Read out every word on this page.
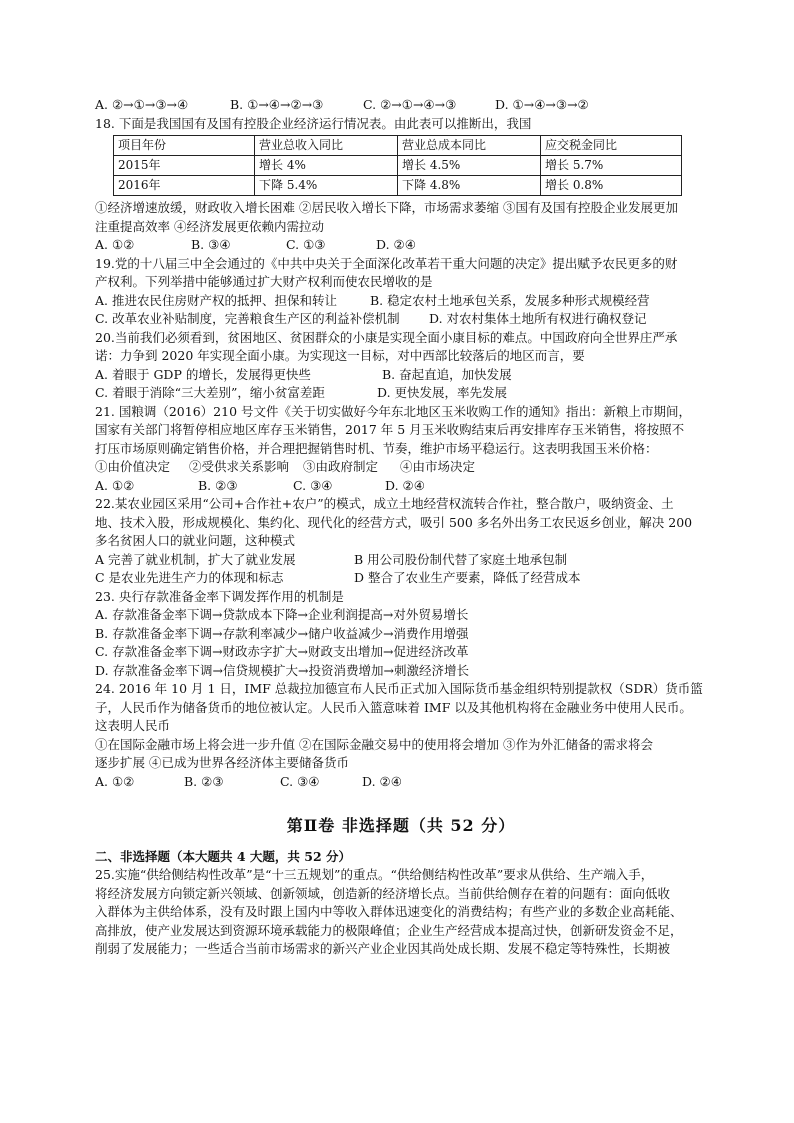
A. ②→①→③→④	B. ①→④→②→③	C. ②→①→④→③	D. ①→④→③→②
18. 下面是我国国有及国有控股企业经济运行情况表。由此表可以推断出，我国
项目年份	营业总收入同比	营业总成本同比	应交税金同比
2015年	增长 4%	增长 4.5%	增长 5.7%
2016年	下降 5.4%	下降 4.8%	增长 0.8%
①经济增速放缓，财政收入增长困难 ②居民收入增长下降，市场需求萎缩 ③国有及国有控股企业发展更加
注重提高效率 ④经济发展更依赖内需拉动
A. ①②	B. ③④	C. ①③	D. ②④
19.党的十八届三中全会通过的《中共中央关于全面深化改革若干重大问题的决定》提出赋予农民更多的财
产权利。下列举措中能够通过扩大财产权利而使农民增收的是
A. 推进农民住房财产权的抵押、担保和转让	B. 稳定农村土地承包关系，发展多种形式规模经营
C. 改革农业补贴制度，完善粮食生产区的利益补偿机制	D. 对农村集体土地所有权进行确权登记
20.当前我们必须看到，贫困地区、贫困群众的小康是实现全面小康目标的难点。中国政府向全世界庄严承
诺：力争到 2020 年实现全面小康。为实现这一目标，对中西部比较落后的地区而言，要
A. 着眼于 GDP 的增长，发展得更快些	B. 奋起直追，加快发展
C. 着眼于消除“三大差别”，缩小贫富差距	D. 更快发展，率先发展
21. 国粮调（2016）210 号文件《关于切实做好今年东北地区玉米收购工作的通知》指出：新粮上市期间，
国家有关部门将暂停相应地区库存玉米销售，2017 年 5 月玉米收购结束后再安排库存玉米销售，将按照不
打压市场原则确定销售价格，并合理把握销售时机、节奏，维护市场平稳运行。这表明我国玉米价格：
①由价值决定	②受供求关系影响	③由政府制定	④由市场决定
A. ①②	B. ②③	C. ③④	D. ②④
22.某农业园区采用“公司+合作社+农户”的模式，成立土地经营权流转合作社，整合散户，吸纳资金、土
地、技术入股，形成规模化、集约化、现代化的经营方式，吸引 500 多名外出务工农民返乡创业，解决 200
多名贫困人口的就业问题，这种模式
A 完善了就业机制，扩大了就业发展	B 用公司股份制代替了家庭土地承包制
C 是农业先进生产力的体现和标志	D 整合了农业生产要素，降低了经营成本
23. 央行存款准备金率下调发挥作用的机制是
A. 存款准备金率下调→贷款成本下降→企业利润提高→对外贸易增长
B. 存款准备金率下调→存款利率减少→储户收益减少→消费作用增强
C. 存款准备金率下调→财政赤字扩大→财政支出增加→促进经济改革
D. 存款准备金率下调→信贷规模扩大→投资消费增加→刺激经济增长
24. 2016 年 10 月 1 日，IMF 总裁拉加德宣布人民币正式加入国际货币基金组织特别提款权（SDR）货币篮
子，人民币作为储备货币的地位被认定。人民币入篮意味着 IMF 以及其他机构将在金融业务中使用人民币。
这表明人民币
①在国际金融市场上将会进一步升值 ②在国际金融交易中的使用将会增加 ③作为外汇储备的需求将会
逐步扩展 ④已成为世界各经济体主要储备货币
A. ①②	B. ②③	C. ③④	D. ②④
第Ⅱ卷 非选择题（共 52 分）
二、非选择题（本大题共 4 大题，共 52 分）
25.实施“供给侧结构性改革”是“十三五规划”的重点。“供给侧结构性改革”要求从供给、生产端入手，
将经济发展方向锁定新兴领域、创新领域，创造新的经济增长点。当前供给侧存在着的问题有：面向低收
入群体为主供给体系，没有及时跟上国内中等收入群体迅速变化的消费结构；有些产业的多数企业高耗能、
高排放，使产业发展达到资源环境承载能力的极限峰值；企业生产经营成本提高过快，创新研发资金不足，
削弱了发展能力；一些适合当前市场需求的新兴产业企业因其尚处成长期、发展不稳定等特殊性，长期被
